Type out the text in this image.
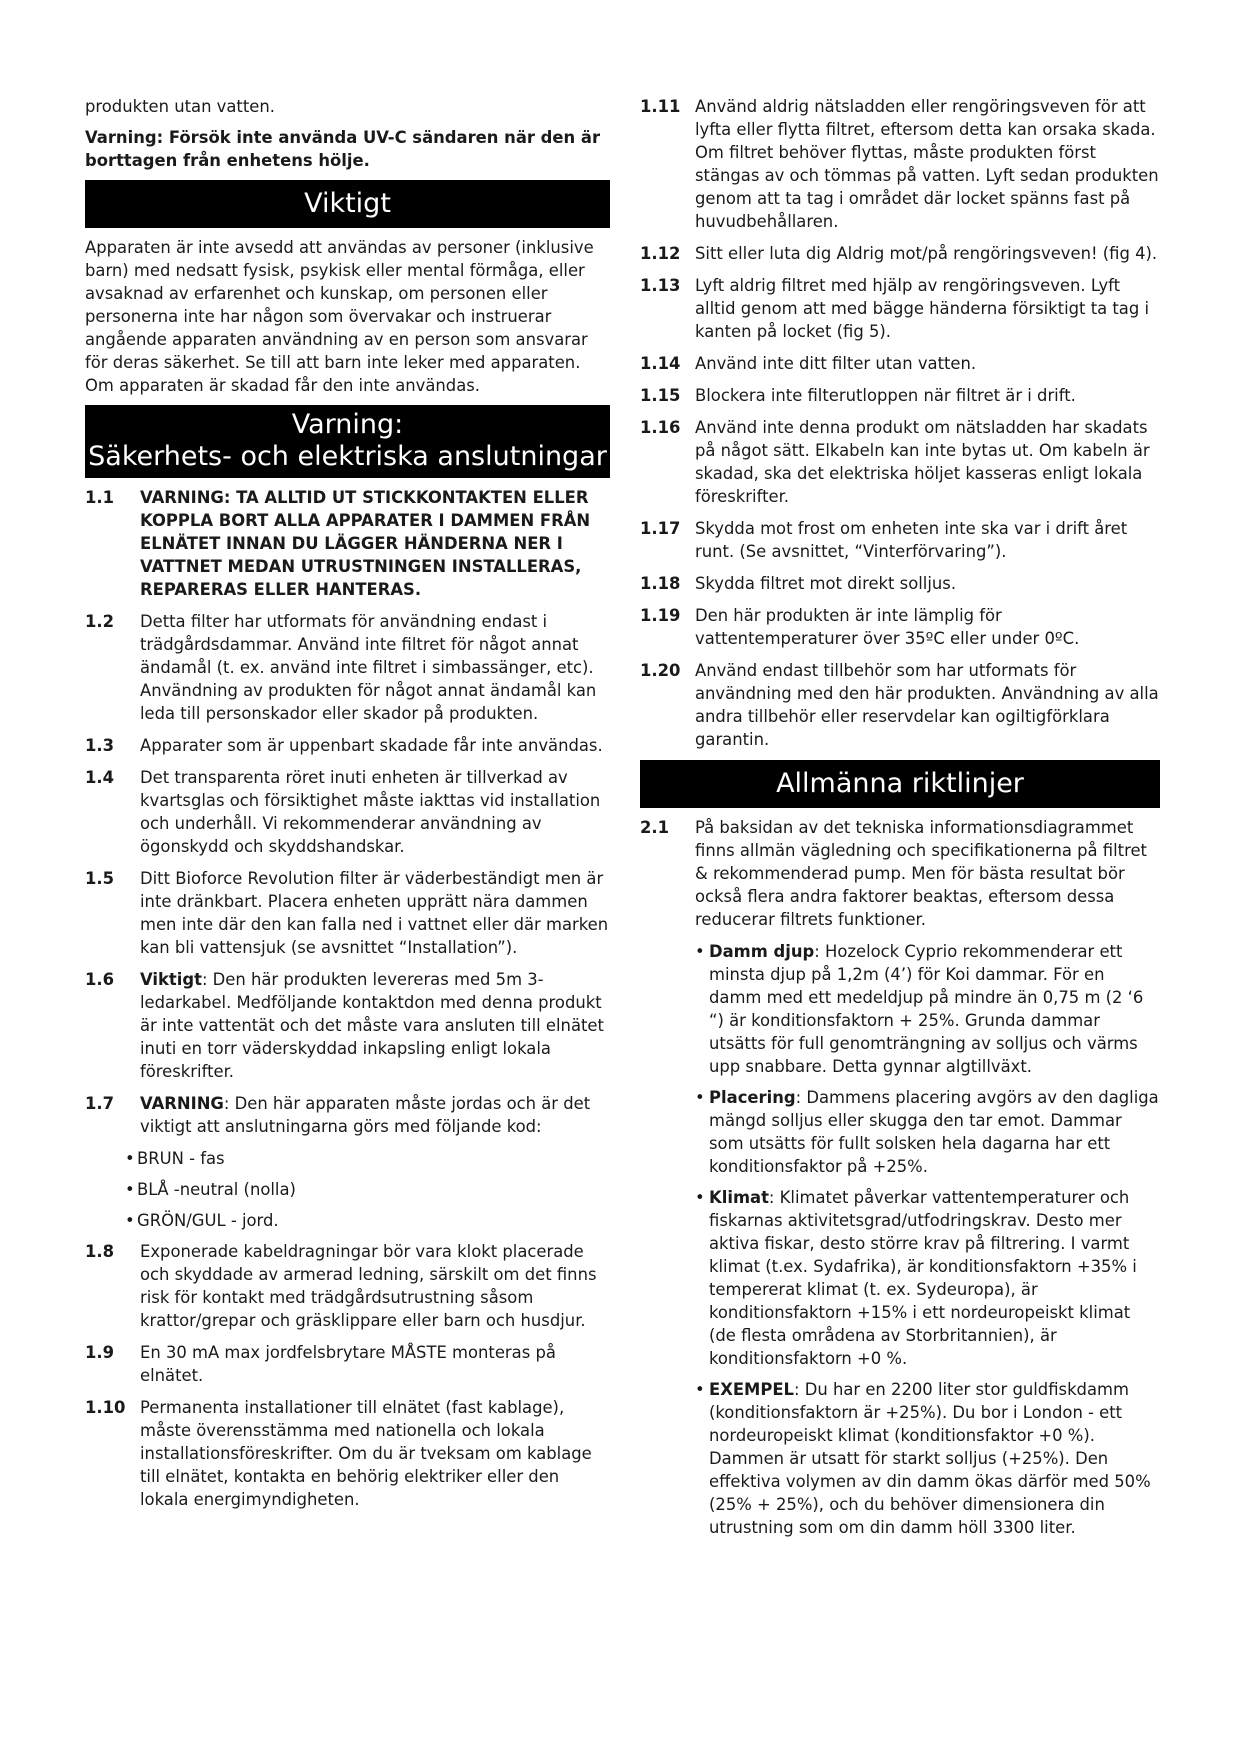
produkten utan vatten.

Varning: Försök inte använda UV-C sändaren när den är borttagen från enhetens hölje.

Viktigt

Apparaten är inte avsedd att användas av personer (inklusive barn) med nedsatt fysisk, psykisk eller mental förmåga, eller avsaknad av erfarenhet och kunskap, om personen eller personerna inte har någon som övervakar och instruerar angående apparaten användning av en person som ansvarar för deras säkerhet. Se till att barn inte leker med apparaten. Om apparaten är skadad får den inte användas.

Varning:
Säkerhets- och elektriska anslutningar
1.1 VARNING: TA ALLTID UT STICKKONTAKTEN ELLER KOPPLA BORT ALLA APPARATER I DAMMEN FRÅN ELNÄTET INNAN DU LÄGGER HÄNDERNA NER I VATTNET MEDAN UTRUSTNINGEN INSTALLERAS, REPARERAS ELLER HANTERAS.
1.2 Detta filter har utformats för användning endast i trädgårdsdammar. Använd inte filtret för något annat ändamål (t. ex. använd inte filtret i simbassänger, etc). Användning av produkten för något annat ändamål kan leda till personskador eller skador på produkten.
1.3 Apparater som är uppenbart skadade får inte användas.
1.4 Det transparenta röret inuti enheten är tillverkad av kvartsglas och försiktighet måste iakttas vid installation och underhåll. Vi rekommenderar användning av ögonskydd och skyddshandskar.
1.5 Ditt Bioforce Revolution filter är väderbeständigt men är inte dränkbart. Placera enheten upprätt nära dammen men inte där den kan falla ned i vattnet eller där marken kan bli vattensjuk (se avsnittet “Installation”).
1.6 Viktigt: Den här produkten levereras med 5m 3-ledarkabel. Medföljande kontaktdon med denna produkt är inte vattentät och det måste vara ansluten till elnätet inuti en torr väderskyddad inkapsling enligt lokala föreskrifter.
1.7 VARNING: Den här apparaten måste jordas och är det viktigt att anslutningarna görs med följande kod:
• BRUN - fas
• BLÅ -neutral (nolla)
• GRÖN/GUL - jord.
1.8 Exponerade kabeldragningar bör vara klokt placerade och skyddade av armerad ledning, särskilt om det finns risk för kontakt med trädgårdsutrustning såsom krattor/grepar och gräsklippare eller barn och husdjur.
1.9 En 30 mA max jordfelsbrytare MÅSTE monteras på elnätet.
1.10 Permanenta installationer till elnätet (fast kablage), måste överensstämma med nationella och lokala installationsföreskrifter. Om du är tveksam om kablage till elnätet, kontakta en behörig elektriker eller den lokala energimyndigheten.
1.11 Använd aldrig nätsladden eller rengöringsveven för att lyfta eller flytta filtret, eftersom detta kan orsaka skada. Om filtret behöver flyttas, måste produkten först stängas av och tömmas på vatten. Lyft sedan produkten genom att ta tag i området där locket spänns fast på huvudbehållaren.
1.12 Sitt eller luta dig Aldrig mot/på rengöringsveven! (fig 4).
1.13 Lyft aldrig filtret med hjälp av rengöringsveven. Lyft alltid genom att med bägge händerna försiktigt ta tag i kanten på locket (fig 5).
1.14 Använd inte ditt filter utan vatten.
1.15 Blockera inte filterutloppen när filtret är i drift.
1.16 Använd inte denna produkt om nätsladden har skadats på något sätt. Elkabeln kan inte bytas ut. Om kabeln är skadad, ska det elektriska höljet kasseras enligt lokala föreskrifter.
1.17 Skydda mot frost om enheten inte ska var i drift året runt. (Se avsnittet, “Vinterförvaring”).
1.18 Skydda filtret mot direkt solljus.
1.19 Den här produkten är inte lämplig för vattentemperaturer över 35ºC eller under 0ºC.
1.20 Använd endast tillbehör som har utformats för användning med den här produkten. Användning av alla andra tillbehör eller reservdelar kan ogiltigförklara garantin.
Allmänna riktlinjer
2.1 På baksidan av det tekniska informationsdiagrammet finns allmän vägledning och specifikationerna på filtret & rekommenderad pump. Men för bästa resultat bör också flera andra faktorer beaktas, eftersom dessa reducerar filtrets funktioner.
• Damm djup: Hozelock Cyprio rekommenderar ett minsta djup på 1,2m (4’) för Koi dammar. För en damm med ett medeldjup på mindre än 0,75 m (2 ‘6 “) är konditionsfaktorn + 25%. Grunda dammar utsätts för full genomträngning av solljus och värms upp snabbare. Detta gynnar algtillväxt.
• Placering: Dammens placering avgörs av den dagliga mängd solljus eller skugga den tar emot. Dammar som utsätts för fullt solsken hela dagarna har ett konditionsfaktor på +25%.
• Klimat: Klimatet påverkar vattentemperaturer och fiskarnas aktivitetsgrad/utfodringskrav. Desto mer aktiva fiskar, desto större krav på filtrering. I varmt klimat (t.ex. Sydafrika), är konditionsfaktorn +35% i tempererat klimat (t. ex. Sydeuropa), är konditionsfaktorn +15% i ett nordeuropeiskt klimat (de flesta områdena av Storbritannien), är konditionsfaktorn +0 %.
• EXEMPEL: Du har en 2200 liter stor guldfiskdamm (konditionsfaktorn är +25%). Du bor i London - ett nordeuropeiskt klimat (konditionsfaktor +0 %). Dammen är utsatt för starkt solljus (+25%). Den effektiva volymen av din damm ökas därför med 50% (25% + 25%), och du behöver dimensionera din utrustning som om din damm höll 3300 liter.
